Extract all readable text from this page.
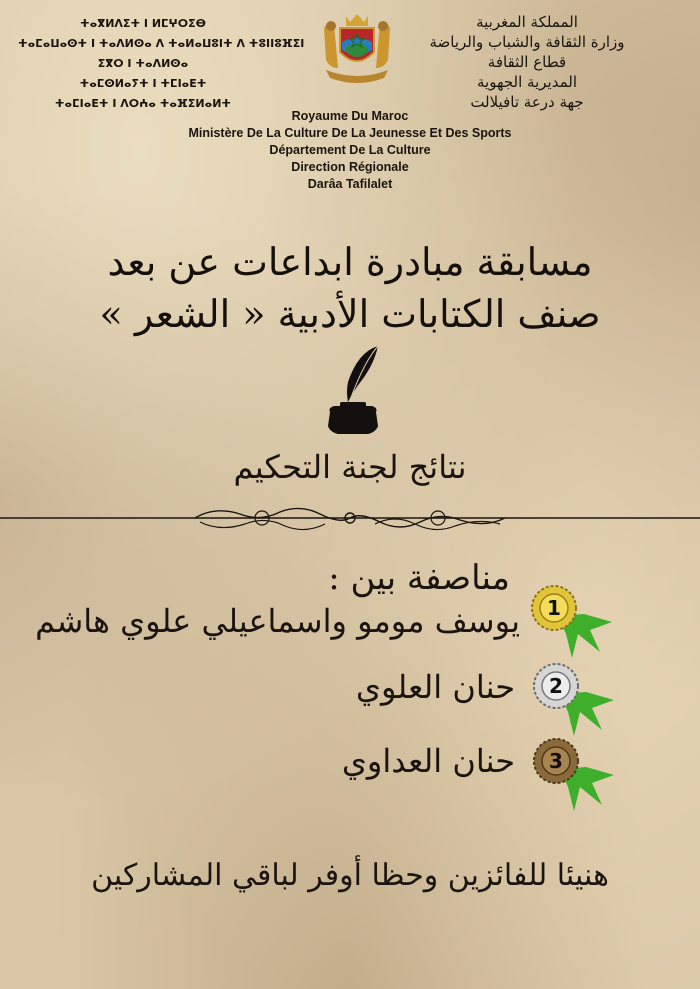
ⵜⴰⴳⵍⴷⵉⵜ ⵏ ⵍⵎⵖⵔⵉⴱ
ⵜⴰⵎⴰⵡⴰⵙⵜ ⵏ ⵜⴰⴷⵍⵙⴰ ⴷ ⵜⴰⵍⴰⵡⵓⵏⵜ ⴷ ⵜⵓⵏⵏⵓⴼⵉⵏ
ⵉⴳⵔ ⵏ ⵜⴰⴷⵍⵙⴰ
ⵜⴰⵎⵙⵍⴰⵢⵜ ⵏ ⵜⵎⵏⴰⴹⵜ
ⵜⴰⵎⵏⴰⴹⵜ ⵏ ⴷⵔⵄⴰ ⵜⴰⴼⵉⵍⴰⵍⵜ
المملكة المغربية
وزارة الثقافة والشباب والرياضة
قطاع الثقافة
المديرية الجهوية
جهة درعة تافيلالت
Royaume Du Maroc
Ministère De La Culture De La Jeunesse Et Des Sports
Département De La Culture
Direction Régionale
Darâa Tafilalet
مسابقة مبادرة ابداعات عن بعد
صنف الكتابات الأدبية « الشعر »
نتائج لجنة التحكيم
مناصفة بين :
يوسف مومو واسماعيلي علوي هاشم
حنان العلوي
حنان العداوي
1
2
3
هنيئا للفائزين وحظا أوفر لباقي المشاركين
